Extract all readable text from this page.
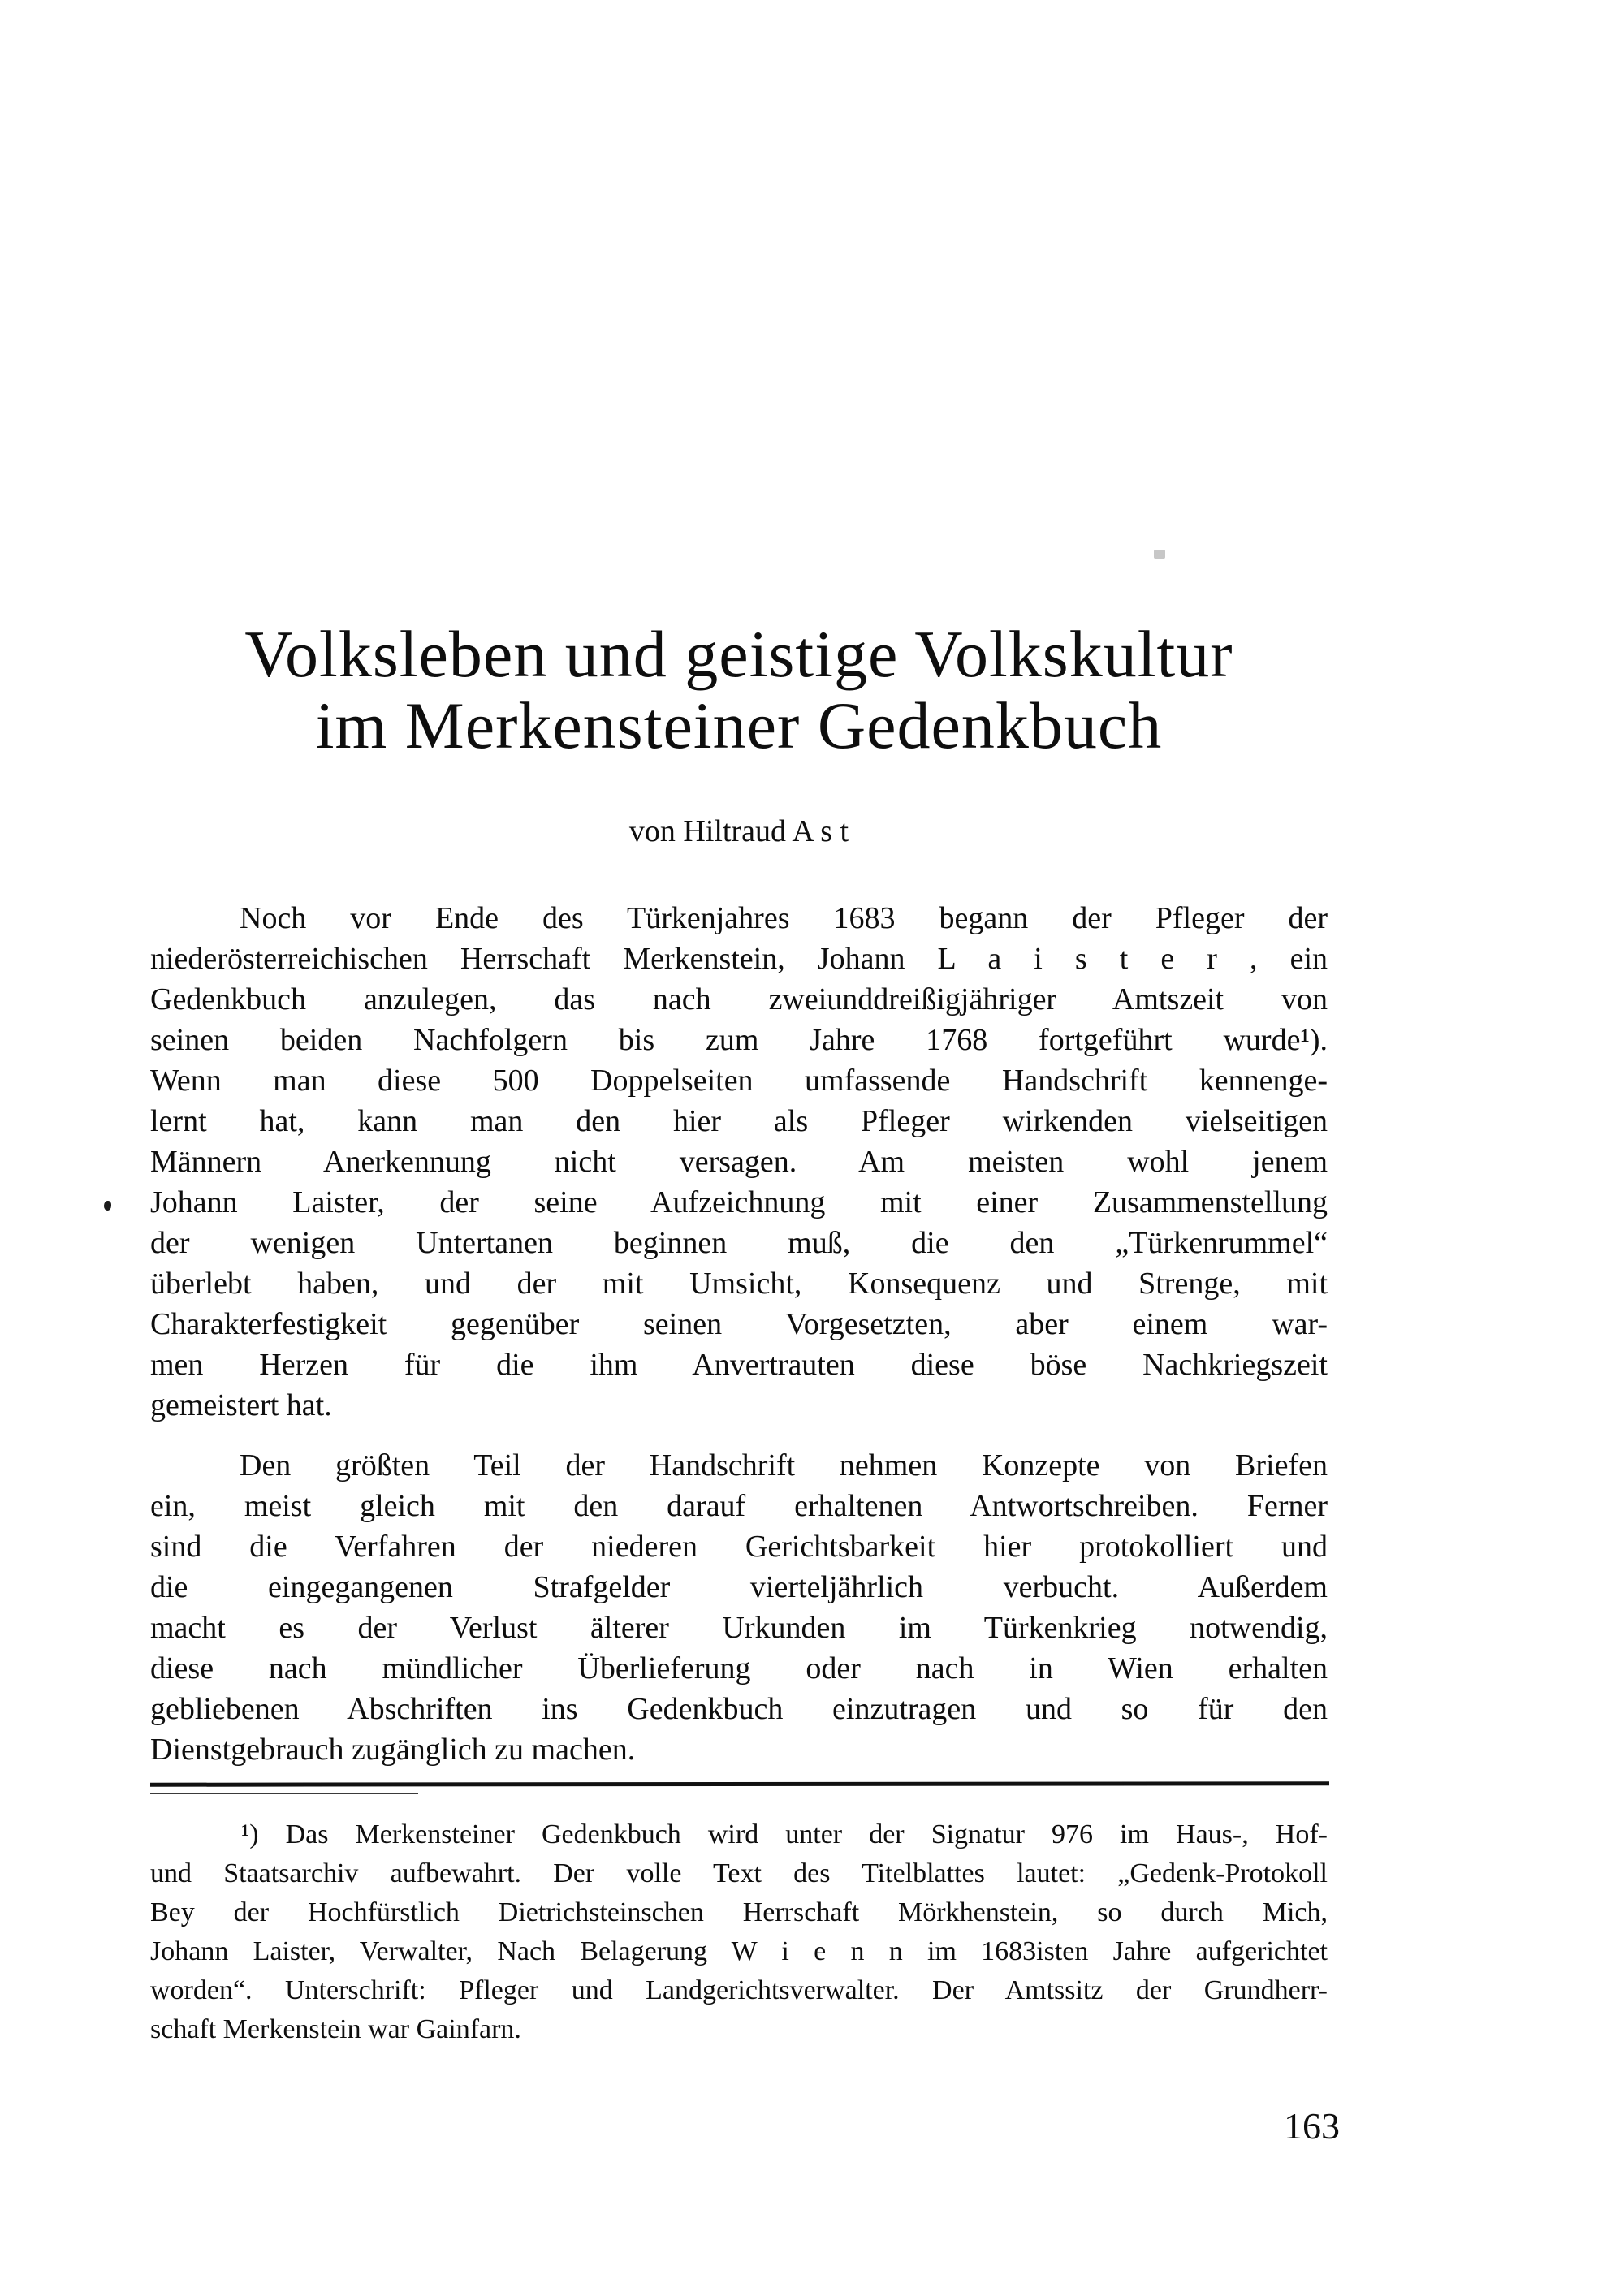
Volksleben und geistige Volkskultur
im Merkensteiner Gedenkbuch
von Hiltraud A s t
Noch vor Ende des Türkenjahres 1683 begann der Pfleger der
niederösterreichischen Herrschaft Merkenstein, Johann L a i s t e r , ein
Gedenkbuch anzulegen, das nach zweiunddreißigjähriger Amtszeit von
seinen beiden Nachfolgern bis zum Jahre 1768 fortgeführt wurde¹).
Wenn man diese 500 Doppelseiten umfassende Handschrift kennenge-
lernt hat, kann man den hier als Pfleger wirkenden vielseitigen
Männern Anerkennung nicht versagen. Am meisten wohl jenem
Johann Laister, der seine Aufzeichnung mit einer Zusammenstellung
der wenigen Untertanen beginnen muß, die den „Türkenrummel“
überlebt haben, und der mit Umsicht, Konsequenz und Strenge, mit
Charakterfestigkeit gegenüber seinen Vorgesetzten, aber einem war-
men Herzen für die ihm Anvertrauten diese böse Nachkriegszeit
gemeistert hat.
Den größten Teil der Handschrift nehmen Konzepte von Briefen
ein, meist gleich mit den darauf erhaltenen Antwortschreiben. Ferner
sind die Verfahren der niederen Gerichtsbarkeit hier protokolliert und
die eingegangenen Strafgelder vierteljährlich verbucht. Außerdem
macht es der Verlust älterer Urkunden im Türkenkrieg notwendig,
diese nach mündlicher Überlieferung oder nach in Wien erhalten
gebliebenen Abschriften ins Gedenkbuch einzutragen und so für den
Dienstgebrauch zugänglich zu machen.
¹) Das Merkensteiner Gedenkbuch wird unter der Signatur 976 im Haus-, Hof-
und Staatsarchiv aufbewahrt. Der volle Text des Titelblattes lautet: „Gedenk-Protokoll
Bey der Hochfürstlich Dietrichsteinschen Herrschaft Mörkhenstein, so durch Mich,
Johann Laister, Verwalter, Nach Belagerung W i e n n im 1683isten Jahre aufgerichtet
worden“. Unterschrift: Pfleger und Landgerichtsverwalter. Der Amtssitz der Grundherr-
schaft Merkenstein war Gainfarn.
163
